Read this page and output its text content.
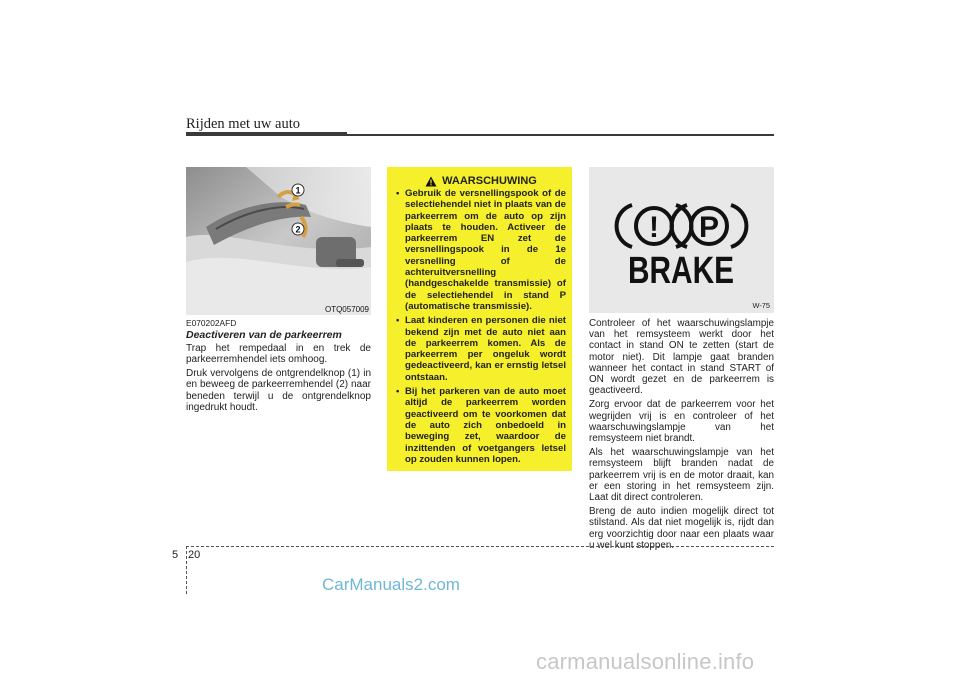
Rijden met uw auto
1
2
OTQ057009
E070202AFD
Deactiveren van de parkeerrem

Trap het rempedaal in en trek de parkeerremhendel iets omhoog.

Druk vervolgens de ontgrendelknop (1) in en beweeg de parkeerremhendel (2) naar beneden terwijl u de ontgrendelknop ingedrukt houdt.

WAARSCHUWING
• Gebruik de versnellingspook of de selectiehendel niet in plaats van de parkeerrem om de auto op zijn plaats te houden. Activeer de parkeerrem EN zet de versnellingspook in de 1e versnelling of de achteruitversnelling (handgeschakelde transmissie) of de selectiehendel in stand P (automatische transmissie).
• Laat kinderen en personen die niet bekend zijn met de auto niet aan de parkeerrem komen. Als de parkeerrem per ongeluk wordt gedeactiveerd, kan er ernstig letsel ontstaan.
• Bij het parkeren van de auto moet altijd de parkeerrem worden geactiveerd om te voorkomen dat de auto zich onbedoeld in beweging zet, waardoor de inzittenden of voetgangers letsel op zouden kunnen lopen.
! P
BRAKE
W-75

Controleer of het waarschuwingslampje van het remsysteem werkt door het contact in stand ON te zetten (start de motor niet). Dit lampje gaat branden wanneer het contact in stand START of ON wordt gezet en de parkeerrem is geactiveerd.

Zorg ervoor dat de parkeerrem voor het wegrijden vrij is en controleer of het waarschuwingslampje van het remsysteem niet brandt.

Als het waarschuwingslampje van het remsysteem blijft branden nadat de parkeerrem vrij is en de motor draait, kan er een storing in het remsysteem zijn. Laat dit direct controleren.

Breng de auto indien mogelijk direct tot stilstand. Als dat niet mogelijk is, rijdt dan erg voorzichtig door naar een plaats waar u wel kunt stoppen.

5 20
CarManuals2.com
carmanualsonline.info
